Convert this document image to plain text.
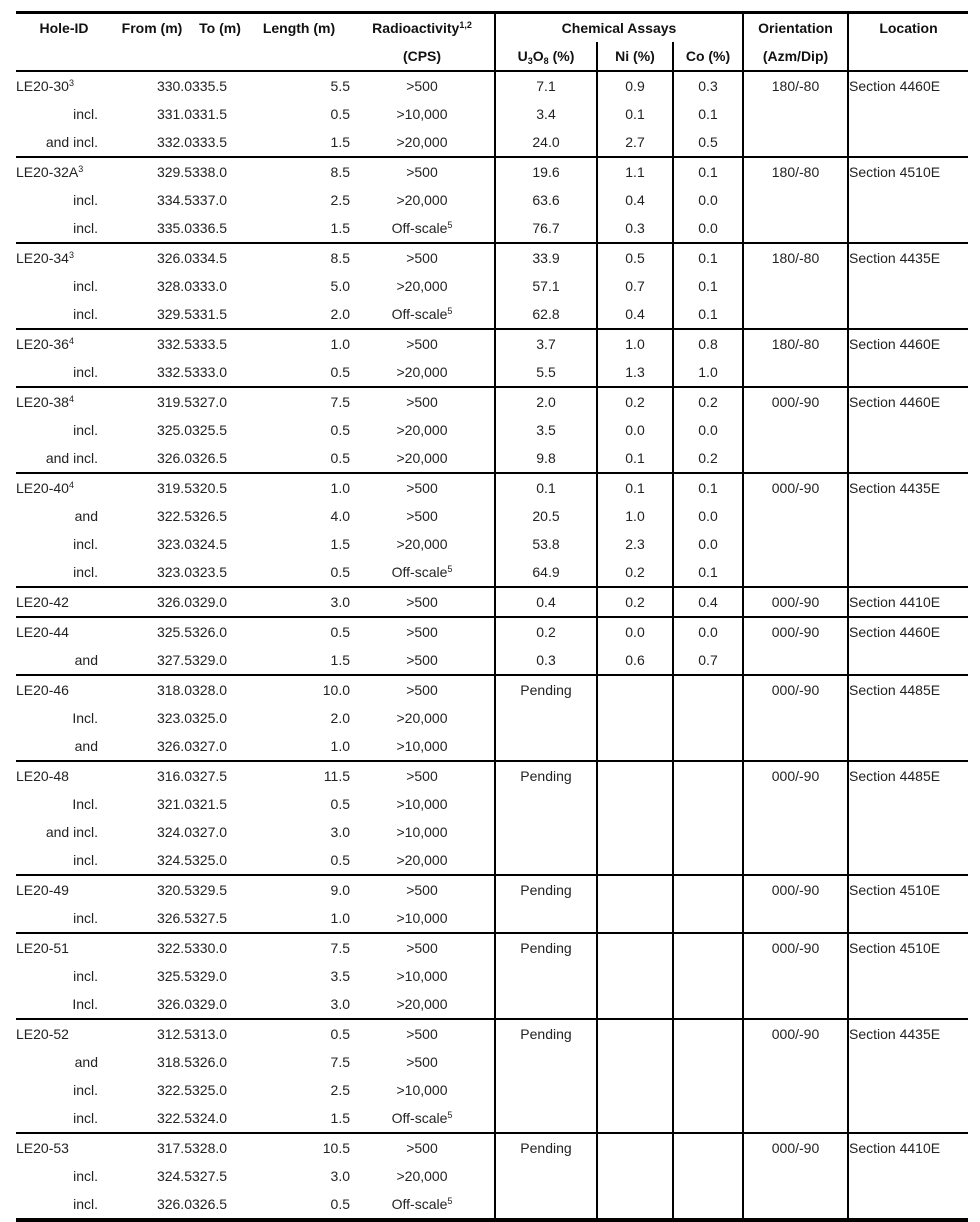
Hole-ID	From (m)	To (m)	Length (m)	Radioactivity$^{1,2}$	Chemical Assays			Orientation	Location
				(CPS)	$U_3O_8$ (%)	Ni (%)	Co (%)	(Azm/Dip)	
$LE20-30^3$	330.0	335.5	5.5	>500	7.1	0.9	0.3	180/-80	Section 4460E
incl.	331.0	331.5	0.5	>10,000	3.4	0.1	0.1		
and incl.	332.0	333.5	1.5	>20,000	24.0	2.7	0.5		
$LE20-32A^3$	329.5	338.0	8.5	>500	19.6	1.1	0.1	180/-80	Section 4510E
incl.	334.5	337.0	2.5	>20,000	63.6	0.4	0.0		
incl.	335.0	336.5	1.5	Off-scale$^5$	76.7	0.3	0.0		
$LE20-34^3$	326.0	334.5	8.5	>500	33.9	0.5	0.1	180/-80	Section 4435E
incl.	328.0	333.0	5.0	>20,000	57.1	0.7	0.1		
incl.	329.5	331.5	2.0	Off-scale$^5$	62.8	0.4	0.1		
$LE20-36^4$	332.5	333.5	1.0	>500	3.7	1.0	0.8	180/-80	Section 4460E
incl.	332.5	333.0	0.5	>20,000	5.5	1.3	1.0		
$LE20-38^4$	319.5	327.0	7.5	>500	2.0	0.2	0.2	000/-90	Section 4460E
incl.	325.0	325.5	0.5	>20,000	3.5	0.0	0.0		
and incl.	326.0	326.5	0.5	>20,000	9.8	0.1	0.2		
$LE20-40^4$	319.5	320.5	1.0	>500	0.1	0.1	0.1	000/-90	Section 4435E
and	322.5	326.5	4.0	>500	20.5	1.0	0.0		
incl.	323.0	324.5	1.5	>20,000	53.8	2.3	0.0		
incl.	323.0	323.5	0.5	Off-scale$^5$	64.9	0.2	0.1		
LE20-42	326.0	329.0	3.0	>500	0.4	0.2	0.4	000/-90	Section 4410E
LE20-44	325.5	326.0	0.5	>500	0.2	0.0	0.0	000/-90	Section 4460E
and	327.5	329.0	1.5	>500	0.3	0.6	0.7		
LE20-46	318.0	328.0	10.0	>500	Pending			000/-90	Section 4485E
Incl.	323.0	325.0	2.0	>20,000					
and	326.0	327.0	1.0	>10,000					
LE20-48	316.0	327.5	11.5	>500	Pending			000/-90	Section 4485E
Incl.	321.0	321.5	0.5	>10,000					
and incl.	324.0	327.0	3.0	>10,000					
incl.	324.5	325.0	0.5	>20,000					
LE20-49	320.5	329.5	9.0	>500	Pending			000/-90	Section 4510E
incl.	326.5	327.5	1.0	>10,000					
LE20-51	322.5	330.0	7.5	>500	Pending			000/-90	Section 4510E
incl.	325.5	329.0	3.5	>10,000					
Incl.	326.0	329.0	3.0	>20,000					
LE20-52	312.5	313.0	0.5	>500	Pending			000/-90	Section 4435E
and	318.5	326.0	7.5	>500					
incl.	322.5	325.0	2.5	>10,000					
incl.	322.5	324.0	1.5	Off-scale$^5$					
LE20-53	317.5	328.0	10.5	>500	Pending			000/-90	Section 4410E
incl.	324.5	327.5	3.0	>20,000					
incl.	326.0	326.5	0.5	Off-scale$^5$					
